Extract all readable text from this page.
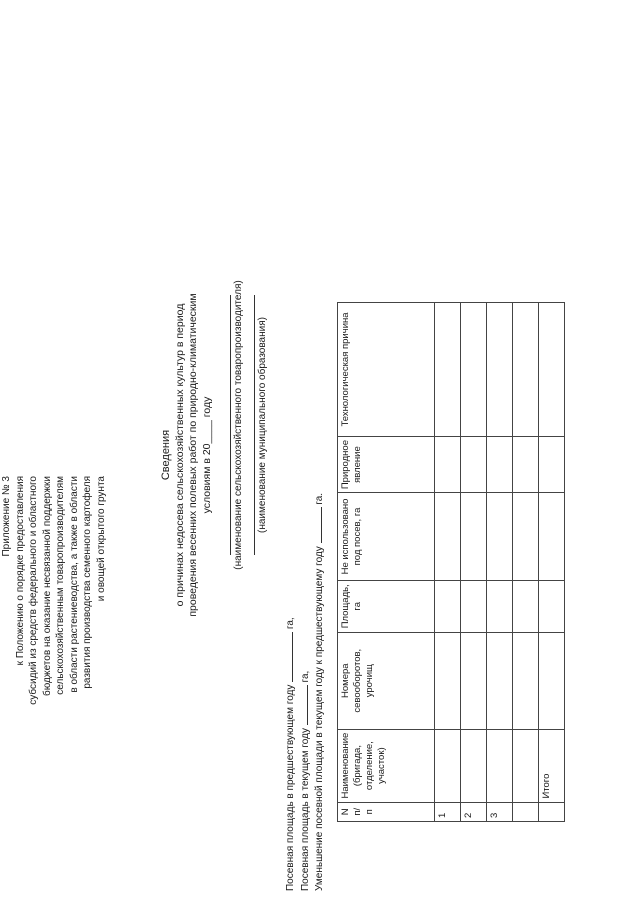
Приложение № 3 к Положению о порядке предоставления субсидий из средств федерального и областного бюджетов на оказание несвязанной поддержки сельскохозяйственным товаропроизводителям в области растениеводства, а также в области развития производства семенного картофеля и овощей открытого грунта
Сведения о причинах недосева сельскохозяйственных культур в период проведения весенних полевых работ по природно-климатическим условиям в 20____ году (наименование сельскохозяйственного товаропроизводителя) (наименование муниципального образования)
Посевная площадь в предшествующем году  га,
Посевная площадь в текущем году  га, Уменьшение посевной площади в текущем году к предшествующему году  га.
N п/п	Наименование (бригада, отделение, участок)	Номера севооборотов, урочищ	Площадь, га	Не использовано под посев, га	Природное явление	Технологическая причина
1						
2						
3						

	Итого					
